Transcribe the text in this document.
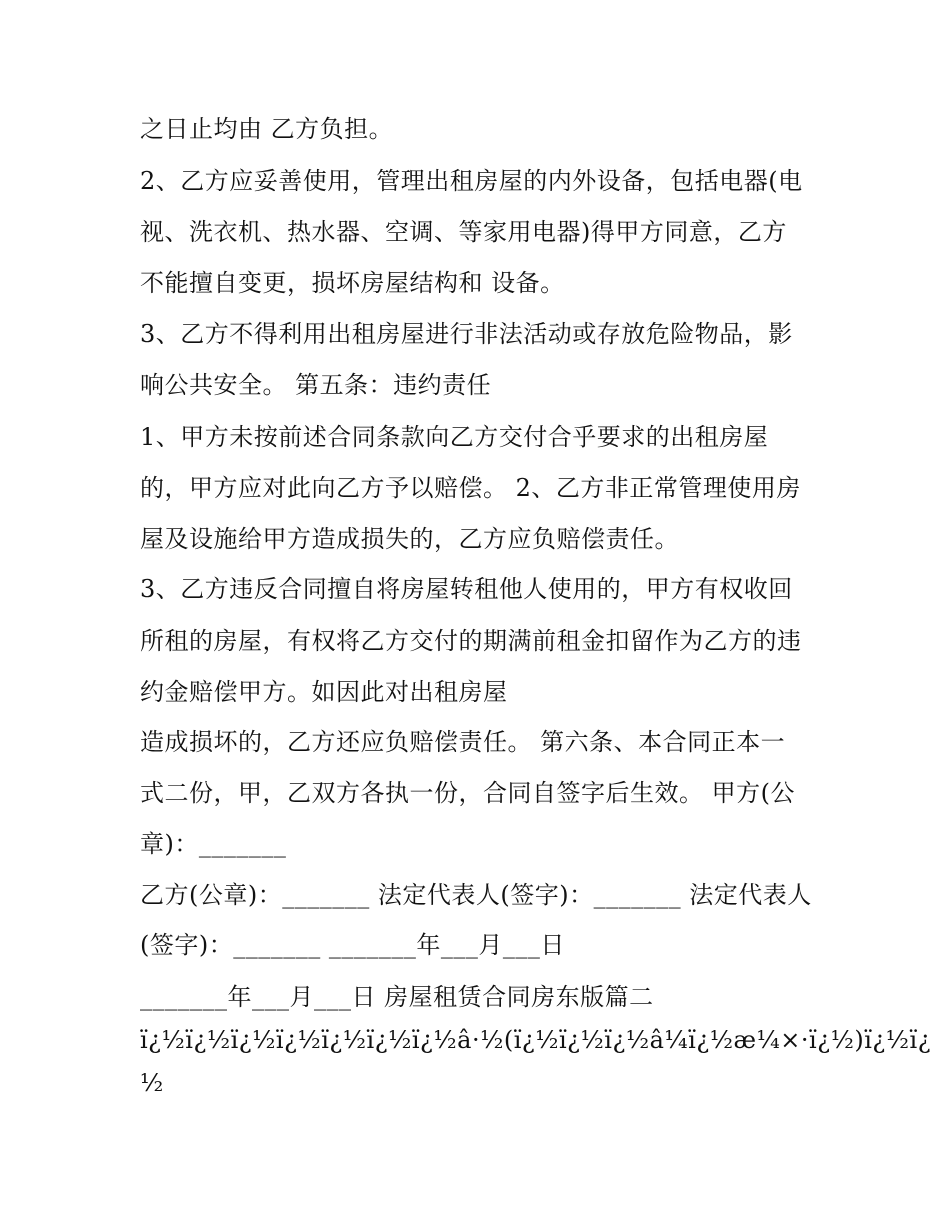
之日止均由 乙方负担。
2、乙方应妥善使用，管理出租房屋的内外设备，包括电器(电
视、洗衣机、热水器、空调、等家用电器)得甲方同意，乙方
不能擅自变更，损坏房屋结构和 设备。
3、乙方不得利用出租房屋进行非法活动或存放危险物品，影
响公共安全。 第五条：违约责任
1、甲方未按前述合同条款向乙方交付合乎要求的出租房屋
的，甲方应对此向乙方予以赔偿。 2、乙方非正常管理使用房
屋及设施给甲方造成损失的，乙方应负赔偿责任。
3、乙方违反合同擅自将房屋转租他人使用的，甲方有权收回
所租的房屋，有权将乙方交付的期满前租金扣留作为乙方的违
约金赔偿甲方。如因此对出租房屋
造成损坏的，乙方还应负赔偿责任。 第六条、本合同正本一
式二份，甲，乙双方各执一份，合同自签字后生效。 甲方(公
章)：_______
乙方(公章)：_______ 法定代表人(签字)：_______ 法定代表人
(签字)：_______ _______年___月___日
_______年___月___日 房屋租赁合同房东版篇二
ï¿½ï¿½ï¿½ï¿½ï¿½ï¿½ï¿½â·½(ï¿½ï¿½ï¿½â¼ï¿½æ¼×·ï¿½)ï¿½ï¿
½
